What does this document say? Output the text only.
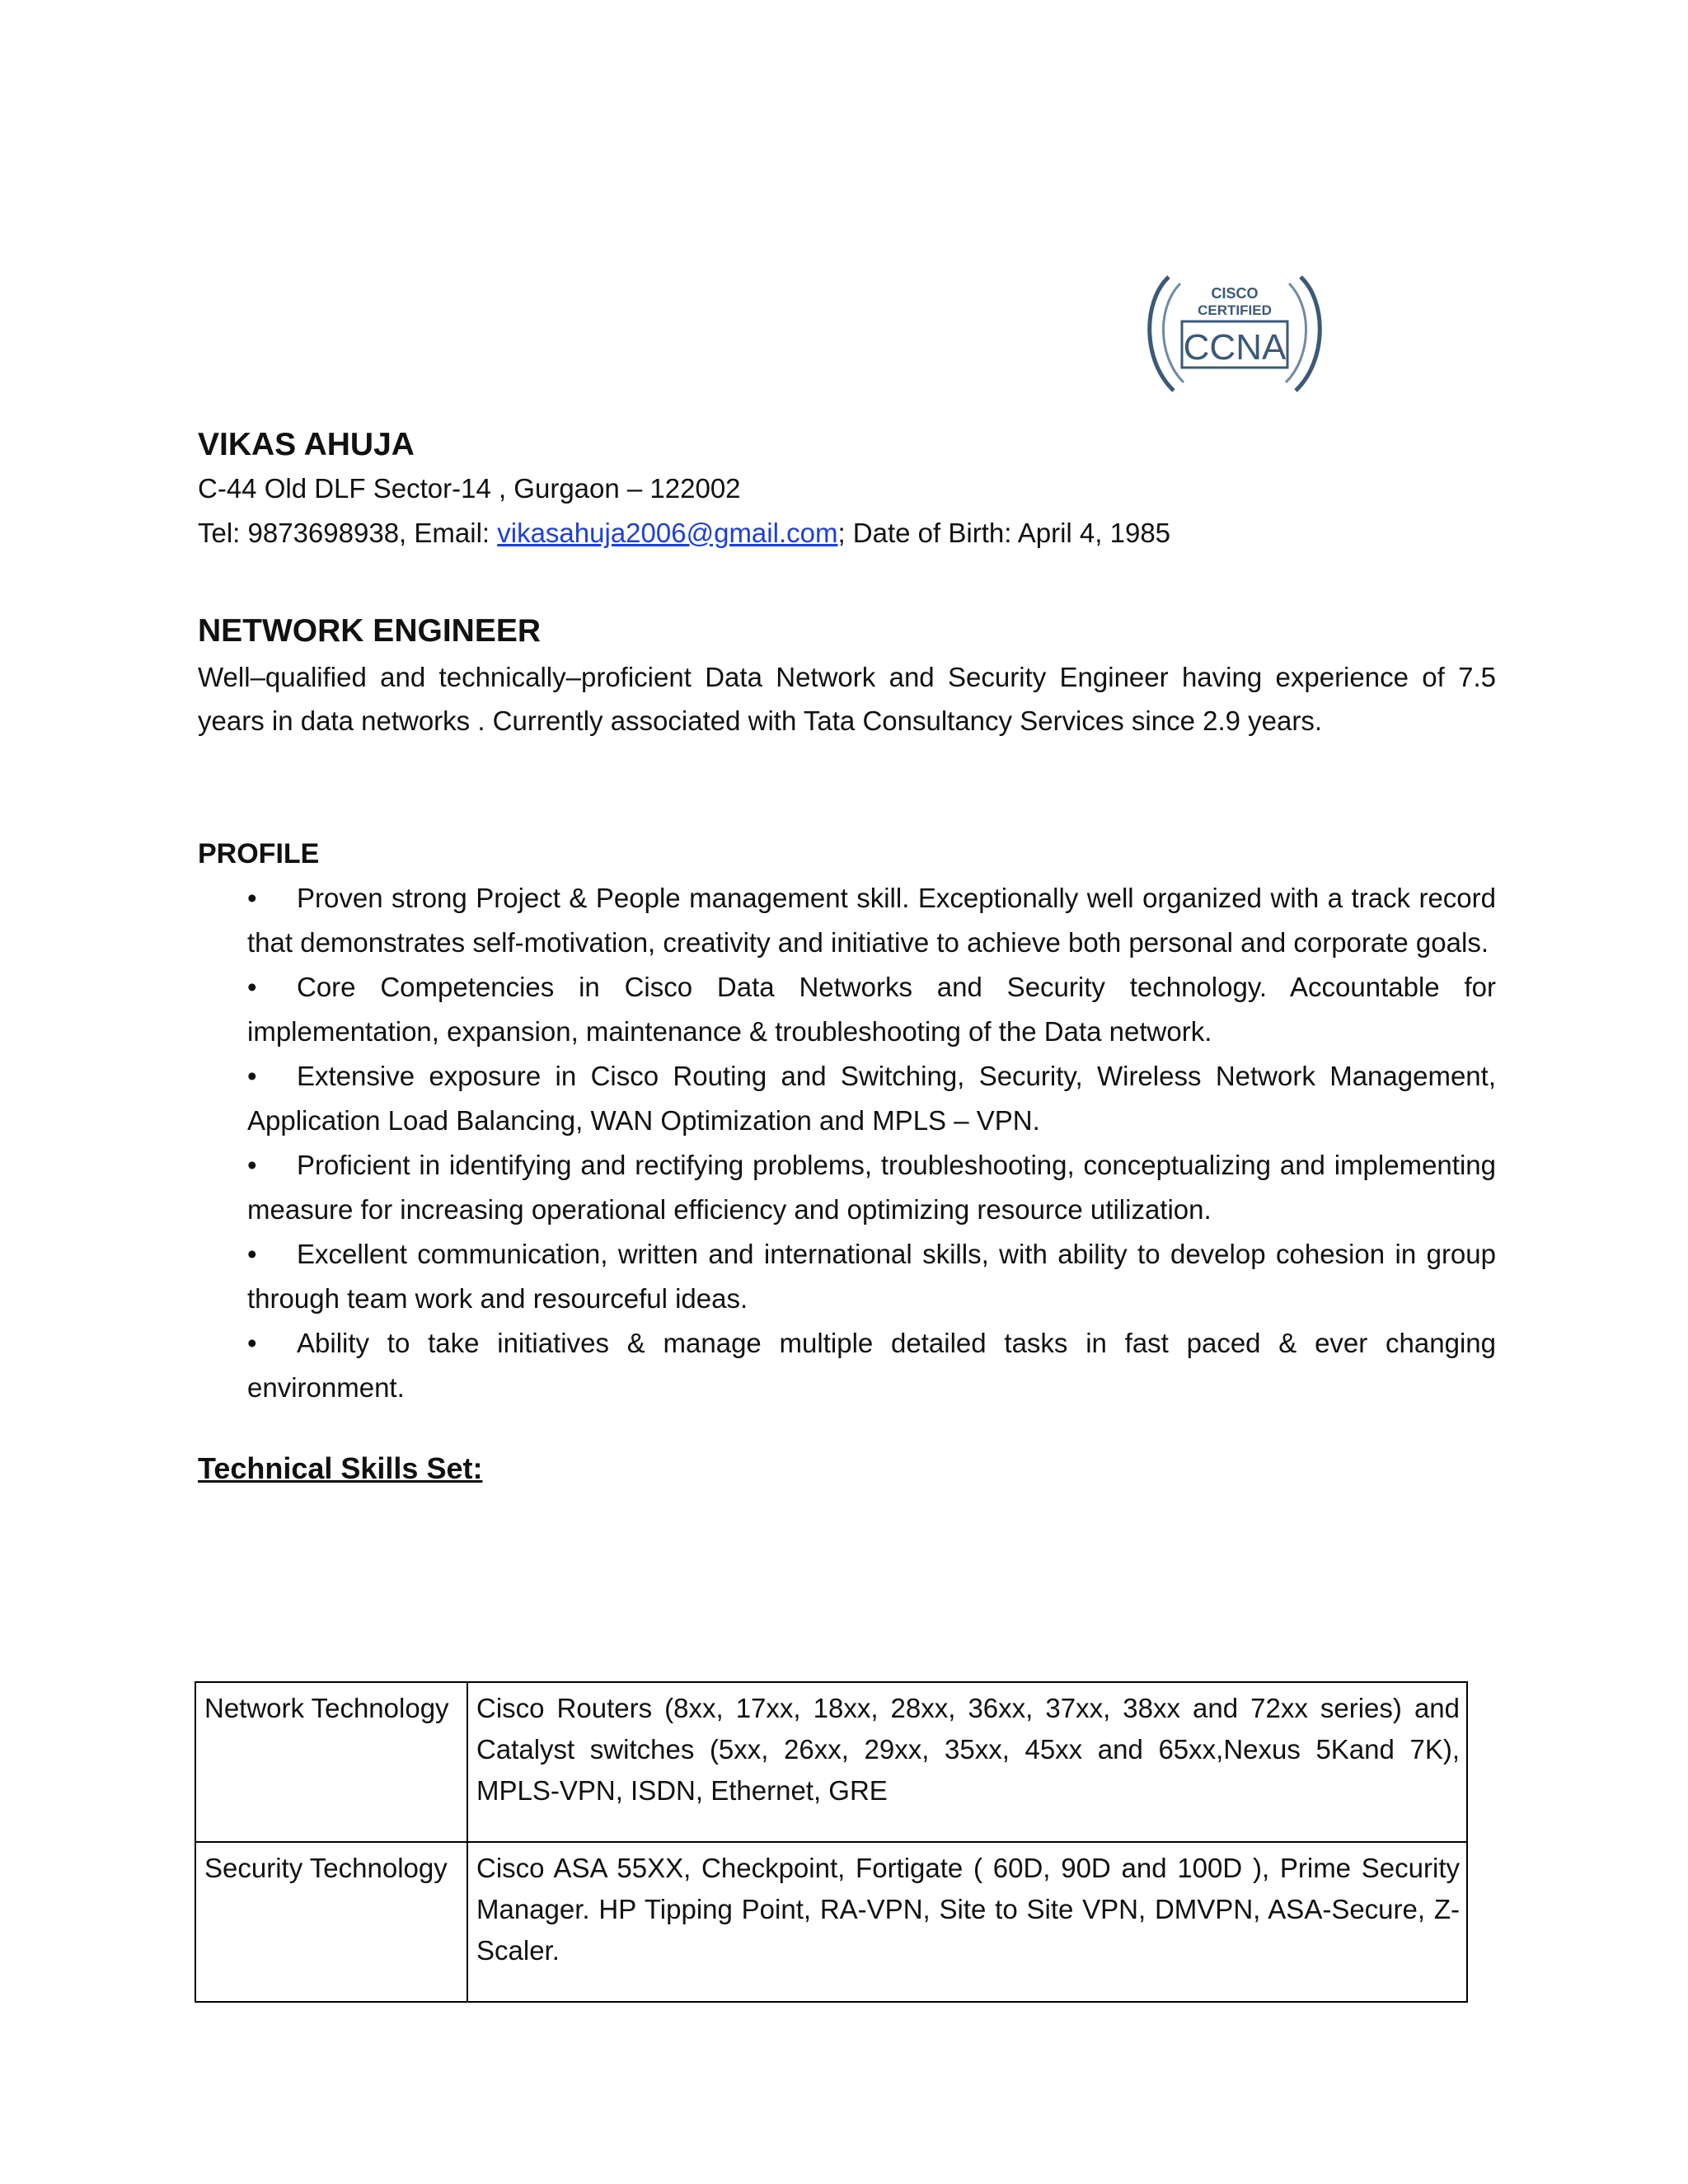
CISCO
CERTIFIED
CCNA
VIKAS AHUJA

C-44 Old DLF Sector-14 , Gurgaon – 122002

Tel: 9873698938, Email: vikasahuja2006@gmail.com; Date of Birth: April 4, 1985

NETWORK ENGINEER

Well–qualified and technically–proficient Data Network and Security Engineer having experience of 7.5 years in data networks . Currently associated with Tata Consultancy Services since 2.9 years.

PROFILE
• Proven strong Project & People management skill. Exceptionally well organized with a track record that demonstrates self-motivation, creativity and initiative to achieve both personal and corporate goals.
• Core Competencies in Cisco Data Networks and Security technology. Accountable for implementation, expansion, maintenance & troubleshooting of the Data network.
• Extensive exposure in Cisco Routing and Switching, Security, Wireless Network Management, Application Load Balancing, WAN Optimization and MPLS – VPN.
• Proficient in identifying and rectifying problems, troubleshooting, conceptualizing and implementing measure for increasing operational efficiency and optimizing resource utilization.
• Excellent communication, written and international skills, with ability to develop cohesion in group through team work and resourceful ideas.
• Ability to take initiatives & manage multiple detailed tasks in fast paced & ever changing environment.
Technical Skills Set:
Network Technology	Cisco Routers (8xx, 17xx, 18xx, 28xx, 36xx, 37xx, 38xx and 72xx series) and Catalyst switches (5xx, 26xx, 29xx, 35xx, 45xx and 65xx,Nexus 5Kand 7K), MPLS-VPN, ISDN, Ethernet, GRE
Security Technology	Cisco ASA 55XX, Checkpoint, Fortigate ( 60D, 90D and 100D ), Prime Security Manager. HP Tipping Point, RA-VPN, Site to Site VPN, DMVPN, ASA-Secure, Z-Scaler.
